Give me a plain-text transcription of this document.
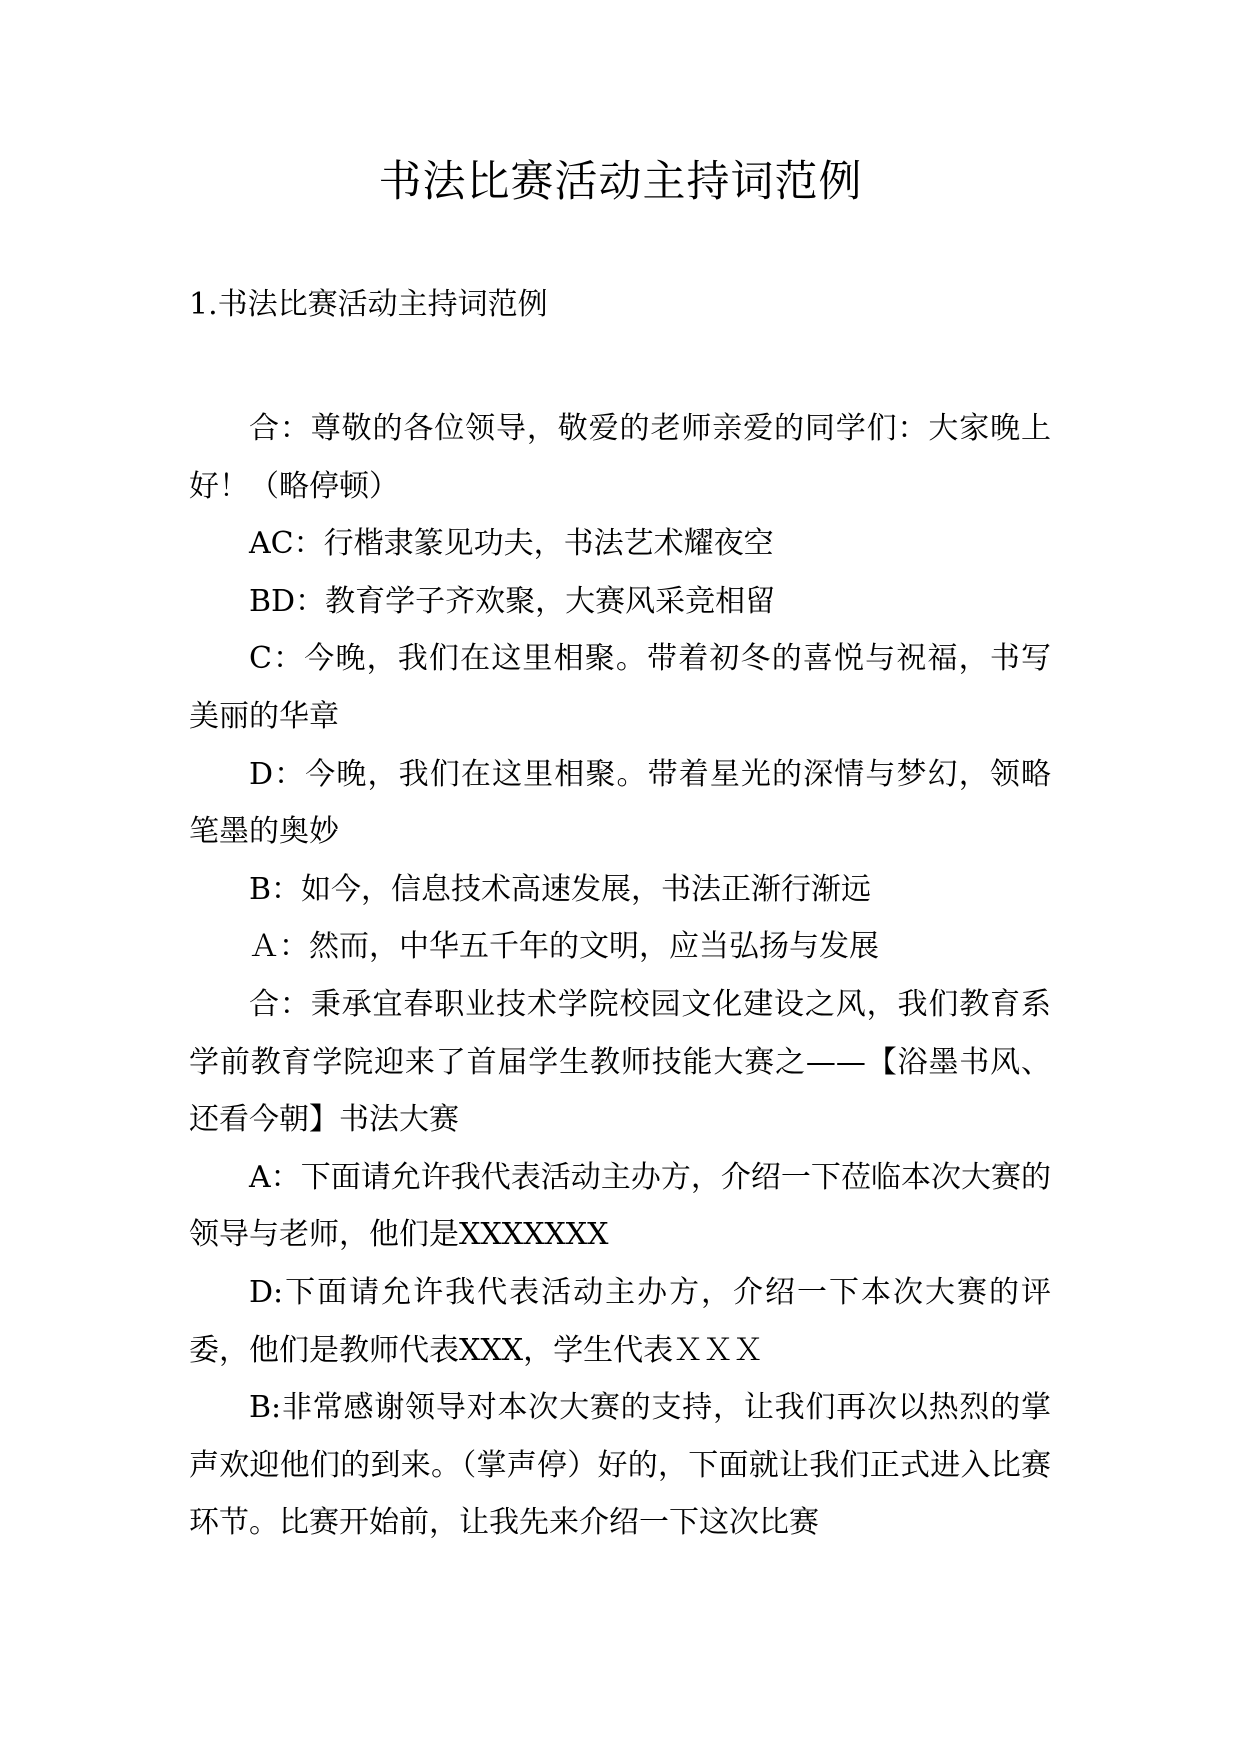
书法比赛活动主持词范例
1.书法比赛活动主持词范例

合：尊敬的各位领导，敬爱的老师亲爱的同学们：大家晚上好！（略停顿）

AC：行楷隶篆见功夫，书法艺术耀夜空

BD：教育学子齐欢聚，大赛风采竞相留

C：今晚，我们在这里相聚。带着初冬的喜悦与祝福，书写美丽的华章

D：今晚，我们在这里相聚。带着星光的深情与梦幻，领略笔墨的奥妙

B：如今，信息技术高速发展，书法正渐行渐远

Ａ：然而，中华五千年的文明，应当弘扬与发展

合：秉承宜春职业技术学院校园文化建设之风，我们教育系学前教育学院迎来了首届学生教师技能大赛之——【浴墨书风、还看今朝】书法大赛

A：下面请允许我代表活动主办方，介绍一下莅临本次大赛的领导与老师，他们是XXXXXXX

D:下面请允许我代表活动主办方，介绍一下本次大赛的评委，他们是教师代表XXX，学生代表ＸＸＸ

B:非常感谢领导对本次大赛的支持，让我们再次以热烈的掌声欢迎他们的到来。（掌声停）好的，下面就让我们正式进入比赛环节。比赛开始前，让我先来介绍一下这次比赛
